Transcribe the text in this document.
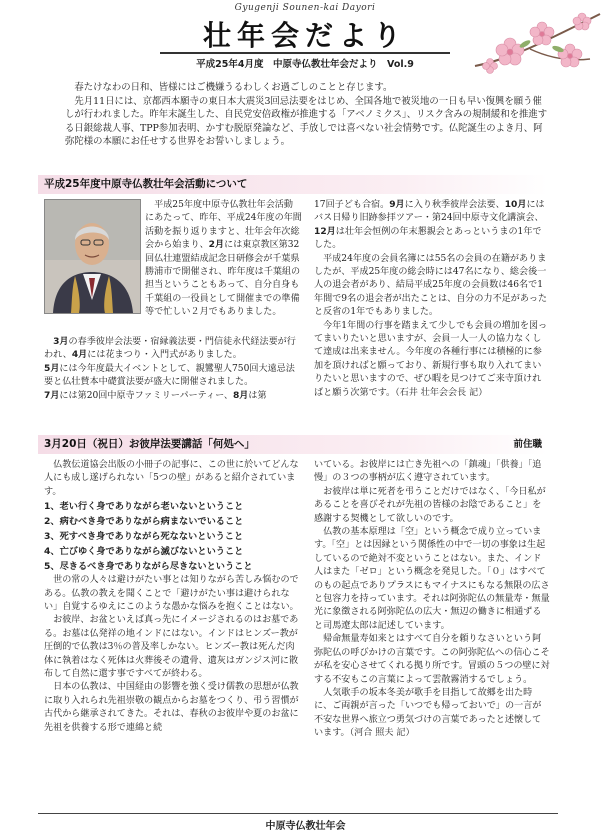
Gyugenji Sounen-kai Dayori
壮年会だより
平成25年4月度　中原寺仏教壮年会だより　Vol.9

春たけなわの日和、皆様にはご機嫌うるわしくお過ごしのことと存じます。

先月11日には、京都西本願寺の東日本大震災3回忌法要をはじめ、全国各地で被災地の一日も早い復興を願う催しが行われました。昨年末誕生した、自民党安倍政権が推進する「アベノミクス」、リスク含みの規制緩和を推進する日銀総裁人事、TPP参加表明、かすむ脱原発論など、手放しでは喜べない社会情勢です。仏陀誕生のよき月、阿弥陀様の本願にお任せする世界をお誓いしましょう。

平成25年度中原寺仏教壮年会活動について

平成25年度中原寺仏教壮年会活動にあたって、昨年、平成24年度の年間活動を振り返りますと、壮年会年次総会から始まり、2月には東京教区第32回仏壮連盟結成記念日研修会が千葉県勝浦市で開催され、昨年度は千葉組の担当ということもあって、自分自身も千葉組の一役員として開催までの準備等で忙しい２月でもありました。

3月の春季彼岸会法要・宿縁義法要・門信徒永代経法要が行われ、4月には花まつり・入門式がありました。

5月には今年度最大イベントとして、親鸞聖人750回大遠忌法要と仏壮賛本中礎賞法要が盛大に開催されました。

7月には第20回中原寺ファミリーパーティー、8月は第

17回子ども合宿。9月に入り秋季彼岸会法要、10月にはバス日帰り旧跡参拝ツアー・第24回中原寺文化講演会、12月は壮年会恒例の年末懇親会とあっというまの1年でした。

平成24年度の会員名簿には55名の会員の在籍がありましたが、平成25年度の総会時には47名になり、総会後一人の退会者があり、結局平成25年度の会員数は46名で1年間で9名の退会者が出たことは、自分の力不足があったと反省の1年でもありました。

今年1年間の行事を踏まえて少しでも会員の増加を図ってまいりたいと思いますが、会員一人一人の協力なくして達成は出来ません。今年度の各種行事には積極的に参加を頂ければと願っており、新規行事も取り入れてまいりたいと思いますので、ぜひ暇を見つけてご来寺頂ければと願う次第です。（石井 壮年会会長 記）

3月20日（祝日）お彼岸法要講話「何処へ」	前住職

仏教伝道協会出版の小冊子の記事に、この世に於いてどんな人にも成し遂げられない「5つの壁」があると紹介されています。

1、老い行く身でありながら老いないということ
2、病むべき身でありながら病まないでいること
3、死すべき身でありながら死なないということ
4、亡びゆく身でありながら滅びないということ
5、尽きるべき身でありながら尽きないということ

世の常の人々は避けがたい事とは知りながら苦しみ悩むのである。仏教の教えを聞くことで「避けがたい事は避けられない」自覚するゆえにこのような愚かな悩みを抱くことはない。

お彼岸、お盆といえば真っ先にイメージされるのはお墓である。お墓は仏発祥の地インドにはない。インドはヒンズー教が圧倒的で仏教は3％の普及率しかない。ヒンズー教は死んだ肉体に執着はなく死体は火葬後その遺骨、遺灰はガンジス河に散布して自然に還す事ですべてが終わる。

日本の仏教は、中国経由の影響を強く受け儒教の思想が仏教に取り入れられ先祖崇敬の観点からお墓をつくり、弔う習慣が古代から継承されてきた。それは、春秋のお彼岸や夏のお盆に先祖を供養する形で連綿と続

いている。お彼岸には亡き先祖への「鎮魂」「供養」「追慢」の３つの事柄が広く遵守されています。

お彼岸は単に死者を弔うことだけではなく、「今日私があることを喜びそれが先祖の皆様のお陰であること」を感謝する契機として欲しいのです。

仏教の基本原理は「空」という概念で成り立っています。「空」とは因縁という関係性の中で一切の事象は生起しているので絶対不変ということはない。また、インド人はまた「ゼロ」という概念を発見した。「０」はすべてのもの起点でありプラスにもマイナスにもなる無限の広さと包容力を持っています。それは阿弥陀仏の無量寿・無量光に象徴される阿弥陀仏の広大・無辺の働きに相通ずると司馬遼太郎は記述しています。

帰命無量寿如来とはすべて自分を頼りなさいという阿弥陀仏の呼びかけの言葉です。この阿弥陀仏への信心こそが私を安心させてくれる拠り所です。冒頭の５つの壁に対する不安もこの言葉によって雲散霧消するでしょう。

人気歌手の坂本冬美が歌手を目指して故郷を出た時に、ご両親が言った「いつでも帰っておいで」の一言が不安な世界へ旅立つ勇気づけの言葉であったと述懐しています。（河合 照夫 記）

中原寺仏教壮年会
